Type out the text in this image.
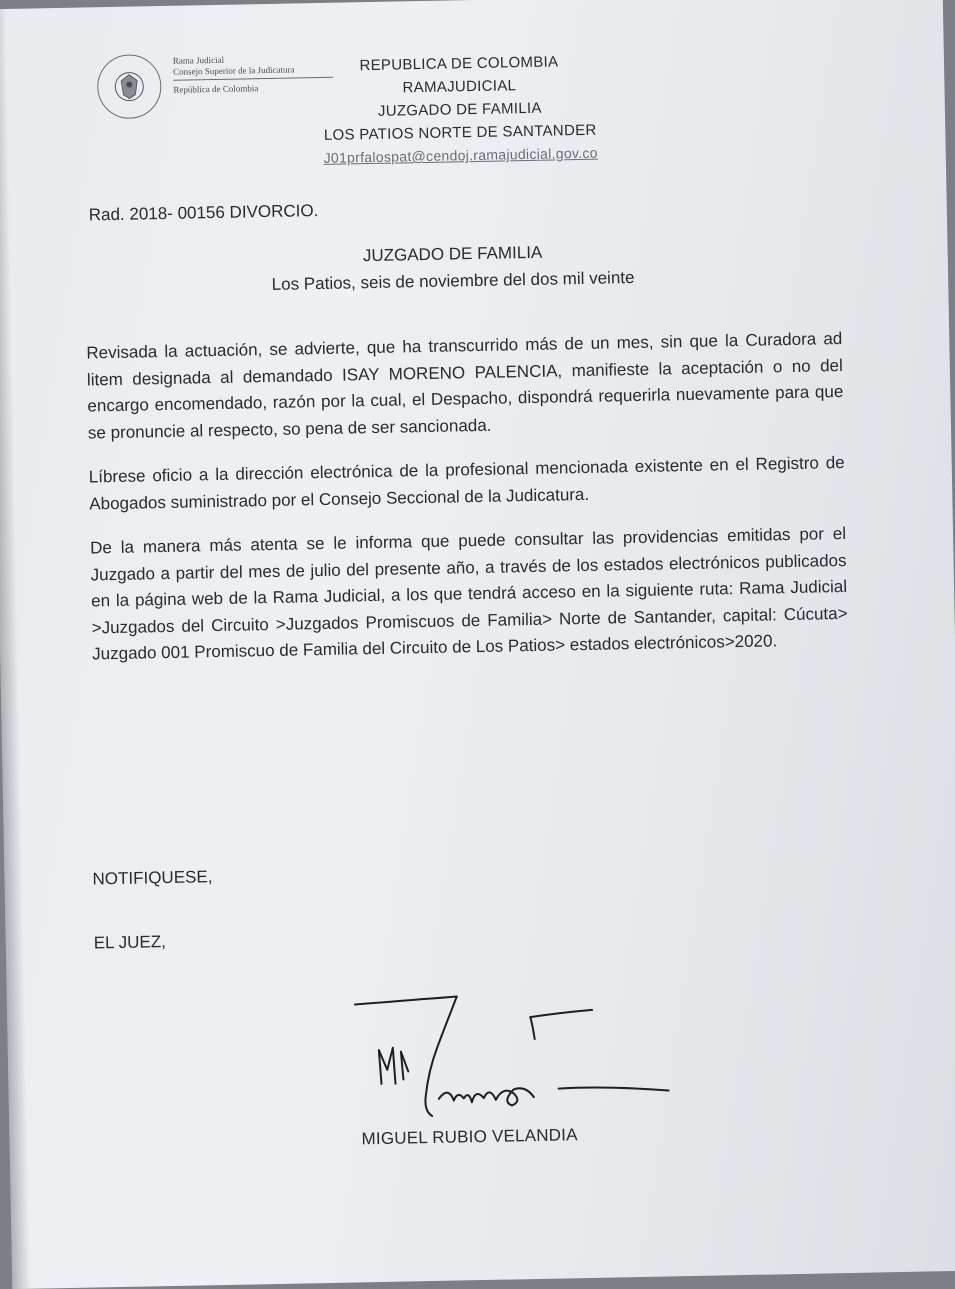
Rama Judicial
Consejo Superior de la Judicatura
República de Colombia
REPUBLICA DE COLOMBIA
RAMAJUDICIAL
JUZGADO DE FAMILIA
LOS PATIOS NORTE DE SANTANDER
J01prfalospat@cendoj.ramajudicial.gov.co
Rad. 2018- 00156 DIVORCIO.
JUZGADO DE FAMILIA
Los Patios, seis de noviembre del dos mil veinte

Revisada la actuación, se advierte, que ha transcurrido más de un mes, sin que la Curadora ad litem designada al demandado ISAY MORENO PALENCIA, manifieste la aceptación o no del encargo encomendado, razón por la cual, el Despacho, dispondrá requerirla nuevamente para que se pronuncie al respecto, so pena de ser sancionada.

Líbrese oficio a la dirección electrónica de la profesional mencionada existente en el Registro de Abogados suministrado por el Consejo Seccional de la Judicatura.

De la manera más atenta se le informa que puede consultar las providencias emitidas por el Juzgado a partir del mes de julio del presente año, a través de los estados electrónicos publicados en la página web de la Rama Judicial, a los que tendrá acceso en la siguiente ruta: Rama Judicial >Juzgados del Circuito >Juzgados Promiscuos de Familia> Norte de Santander, capital: Cúcuta> Juzgado 001 Promiscuo de Familia del Circuito de Los Patios> estados electrónicos>2020.

NOTIFIQUESE,
EL JUEZ,
MIGUEL RUBIO VELANDIA
